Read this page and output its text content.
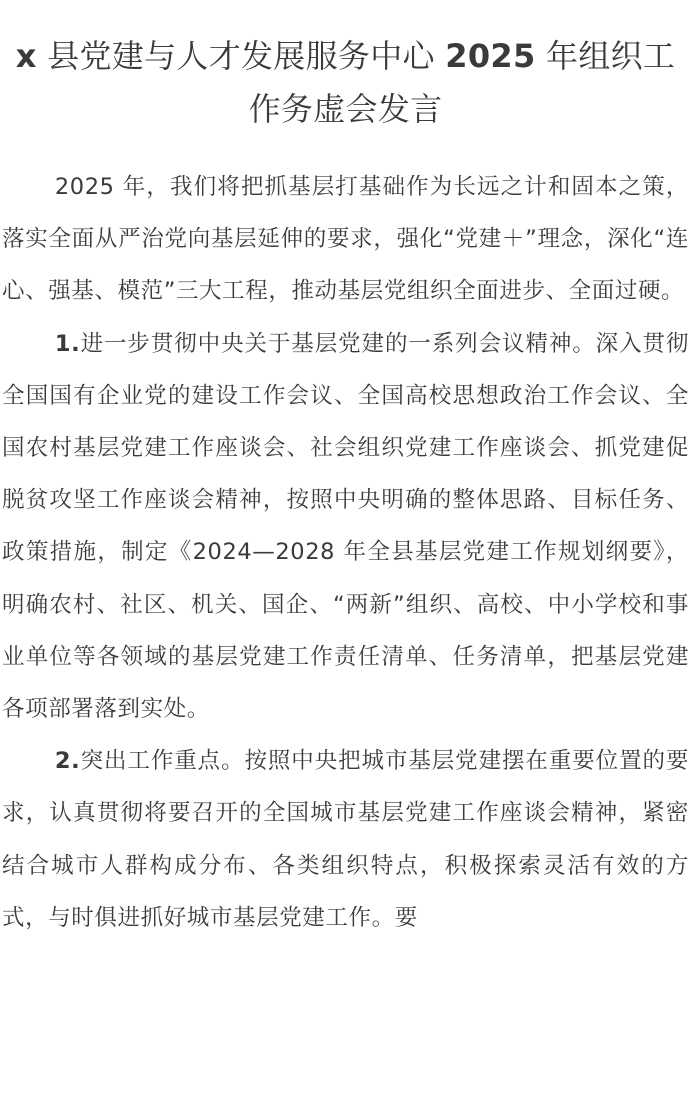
x 县党建与人才发展服务中心 2025 年组织工作务虚会发言

2025 年，我们将把抓基层打基础作为长远之计和固本之策，落实全面从严治党向基层延伸的要求，强化“党建＋”理念，深化“连心、强基、模范”三大工程，推动基层党组织全面进步、全面过硬。

1.进一步贯彻中央关于基层党建的一系列会议精神。深入贯彻全国国有企业党的建设工作会议、全国高校思想政治工作会议、全国农村基层党建工作座谈会、社会组织党建工作座谈会、抓党建促脱贫攻坚工作座谈会精神，按照中央明确的整体思路、目标任务、政策措施，制定《2024—2028 年全县基层党建工作规划纲要》，明确农村、社区、机关、国企、“两新”组织、高校、中小学校和事业单位等各领域的基层党建工作责任清单、任务清单，把基层党建各项部署落到实处。

2.突出工作重点。按照中央把城市基层党建摆在重要位置的要求，认真贯彻将要召开的全国城市基层党建工作座谈会精神，紧密结合城市人群构成分布、各类组织特点，积极探索灵活有效的方式，与时俱进抓好城市基层党建工作。要
